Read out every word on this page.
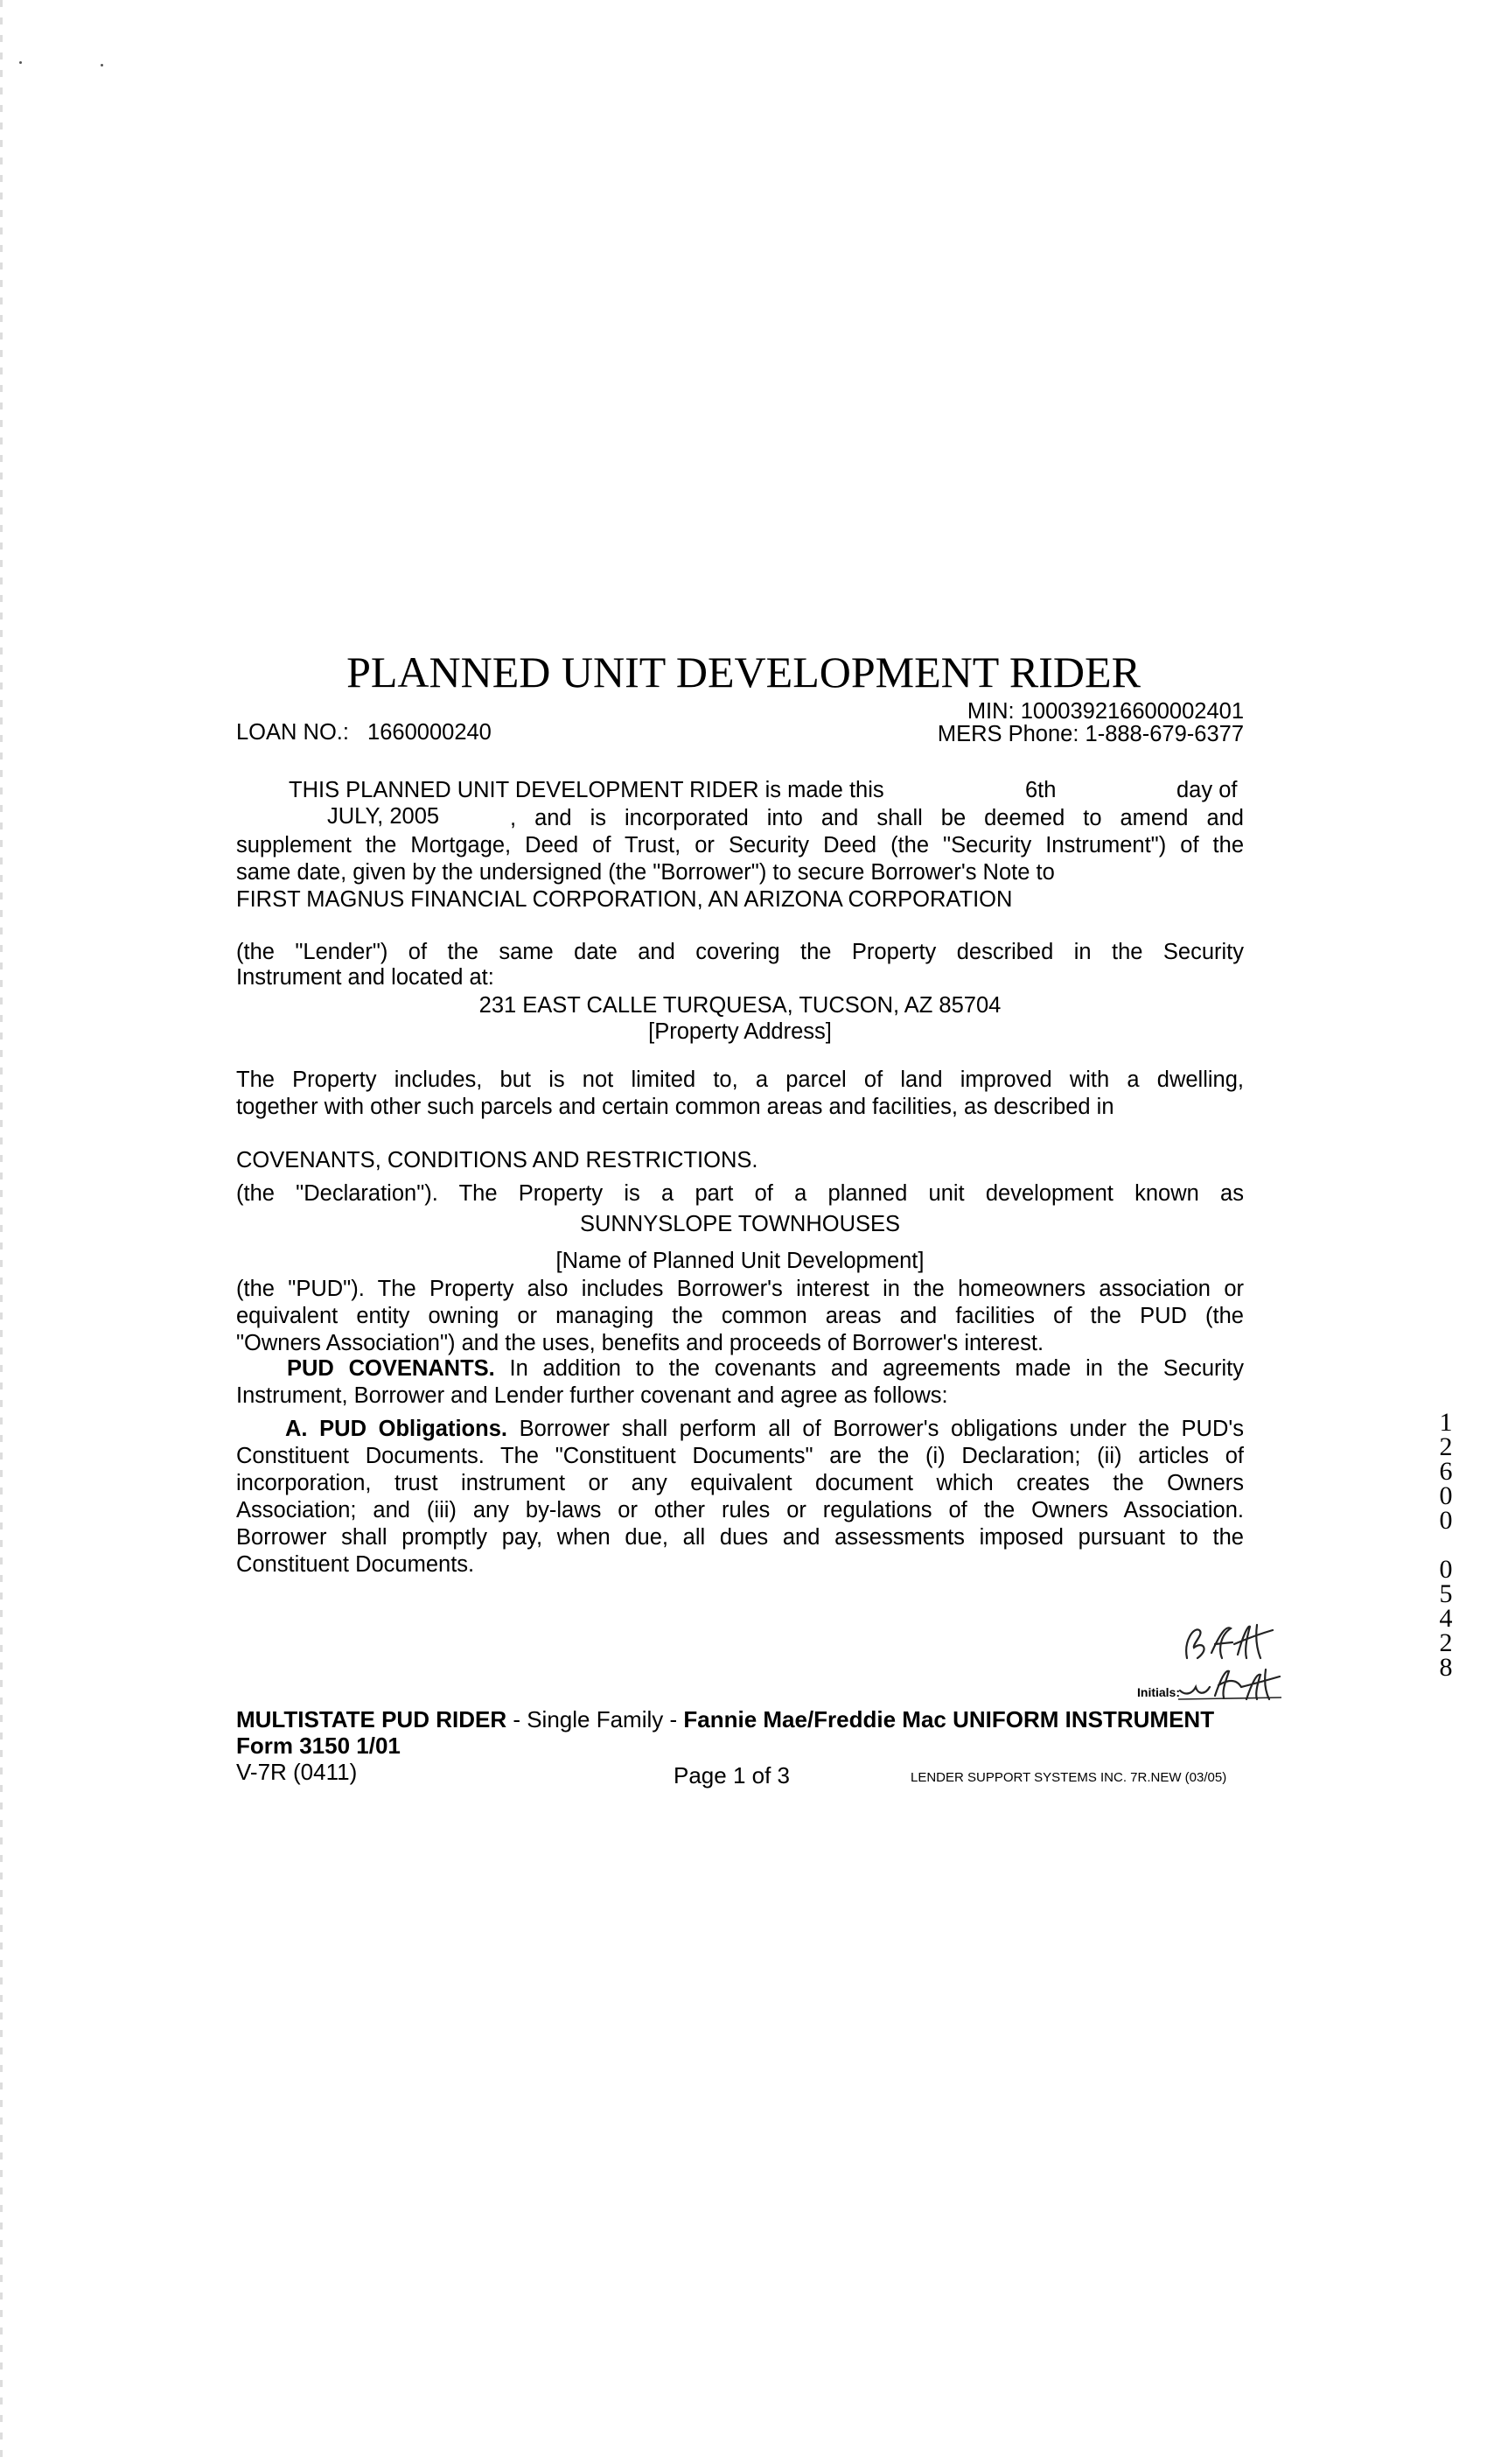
PLANNED UNIT DEVELOPMENT RIDER
LOAN NO.: 1660000240
MIN: 100039216600002401
MERS Phone: 1-888-679-6377
THIS PLANNED UNIT DEVELOPMENT RIDER is made this	6th	day of
JULY, 2005	, and is incorporated into and shall be deemed to amend and
supplement the Mortgage, Deed of Trust, or Security Deed (the "Security Instrument") of the
same date, given by the undersigned (the "Borrower") to secure Borrower's Note to
FIRST MAGNUS FINANCIAL CORPORATION, AN ARIZONA CORPORATION
(the "Lender") of the same date and covering the Property described in the Security
Instrument and located at:
231 EAST CALLE TURQUESA, TUCSON, AZ 85704
[Property Address]
The Property includes, but is not limited to, a parcel of land improved with a dwelling,
together with other such parcels and certain common areas and facilities, as described in
COVENANTS, CONDITIONS AND RESTRICTIONS.
(the "Declaration"). The Property is a part of a planned unit development known as
SUNNYSLOPE TOWNHOUSES
[Name of Planned Unit Development]
(the "PUD"). The Property also includes Borrower's interest in the homeowners association or
equivalent entity owning or managing the common areas and facilities of the PUD (the
"Owners Association") and the uses, benefits and proceeds of Borrower's interest.
PUD COVENANTS. In addition to the covenants and agreements made in the Security
Instrument, Borrower and Lender further covenant and agree as follows:
A. PUD Obligations. Borrower shall perform all of Borrower's obligations under the PUD's
Constituent Documents. The "Constituent Documents" are the (i) Declaration; (ii) articles of
incorporation, trust instrument or any equivalent document which creates the Owners
Association; and (iii) any by-laws or other rules or regulations of the Owners Association.
Borrower shall promptly pay, when due, all dues and assessments imposed pursuant to the
Constituent Documents.
Initials:
MULTISTATE PUD RIDER - Single Family - Fannie Mae/Freddie Mac UNIFORM INSTRUMENT
Form 3150 1/01
V-7R (0411)	Page 1 of 3	LENDER SUPPORT SYSTEMS INC. 7R.NEW (03/05)
1
2
6
0
0
0
5
4
2
8
